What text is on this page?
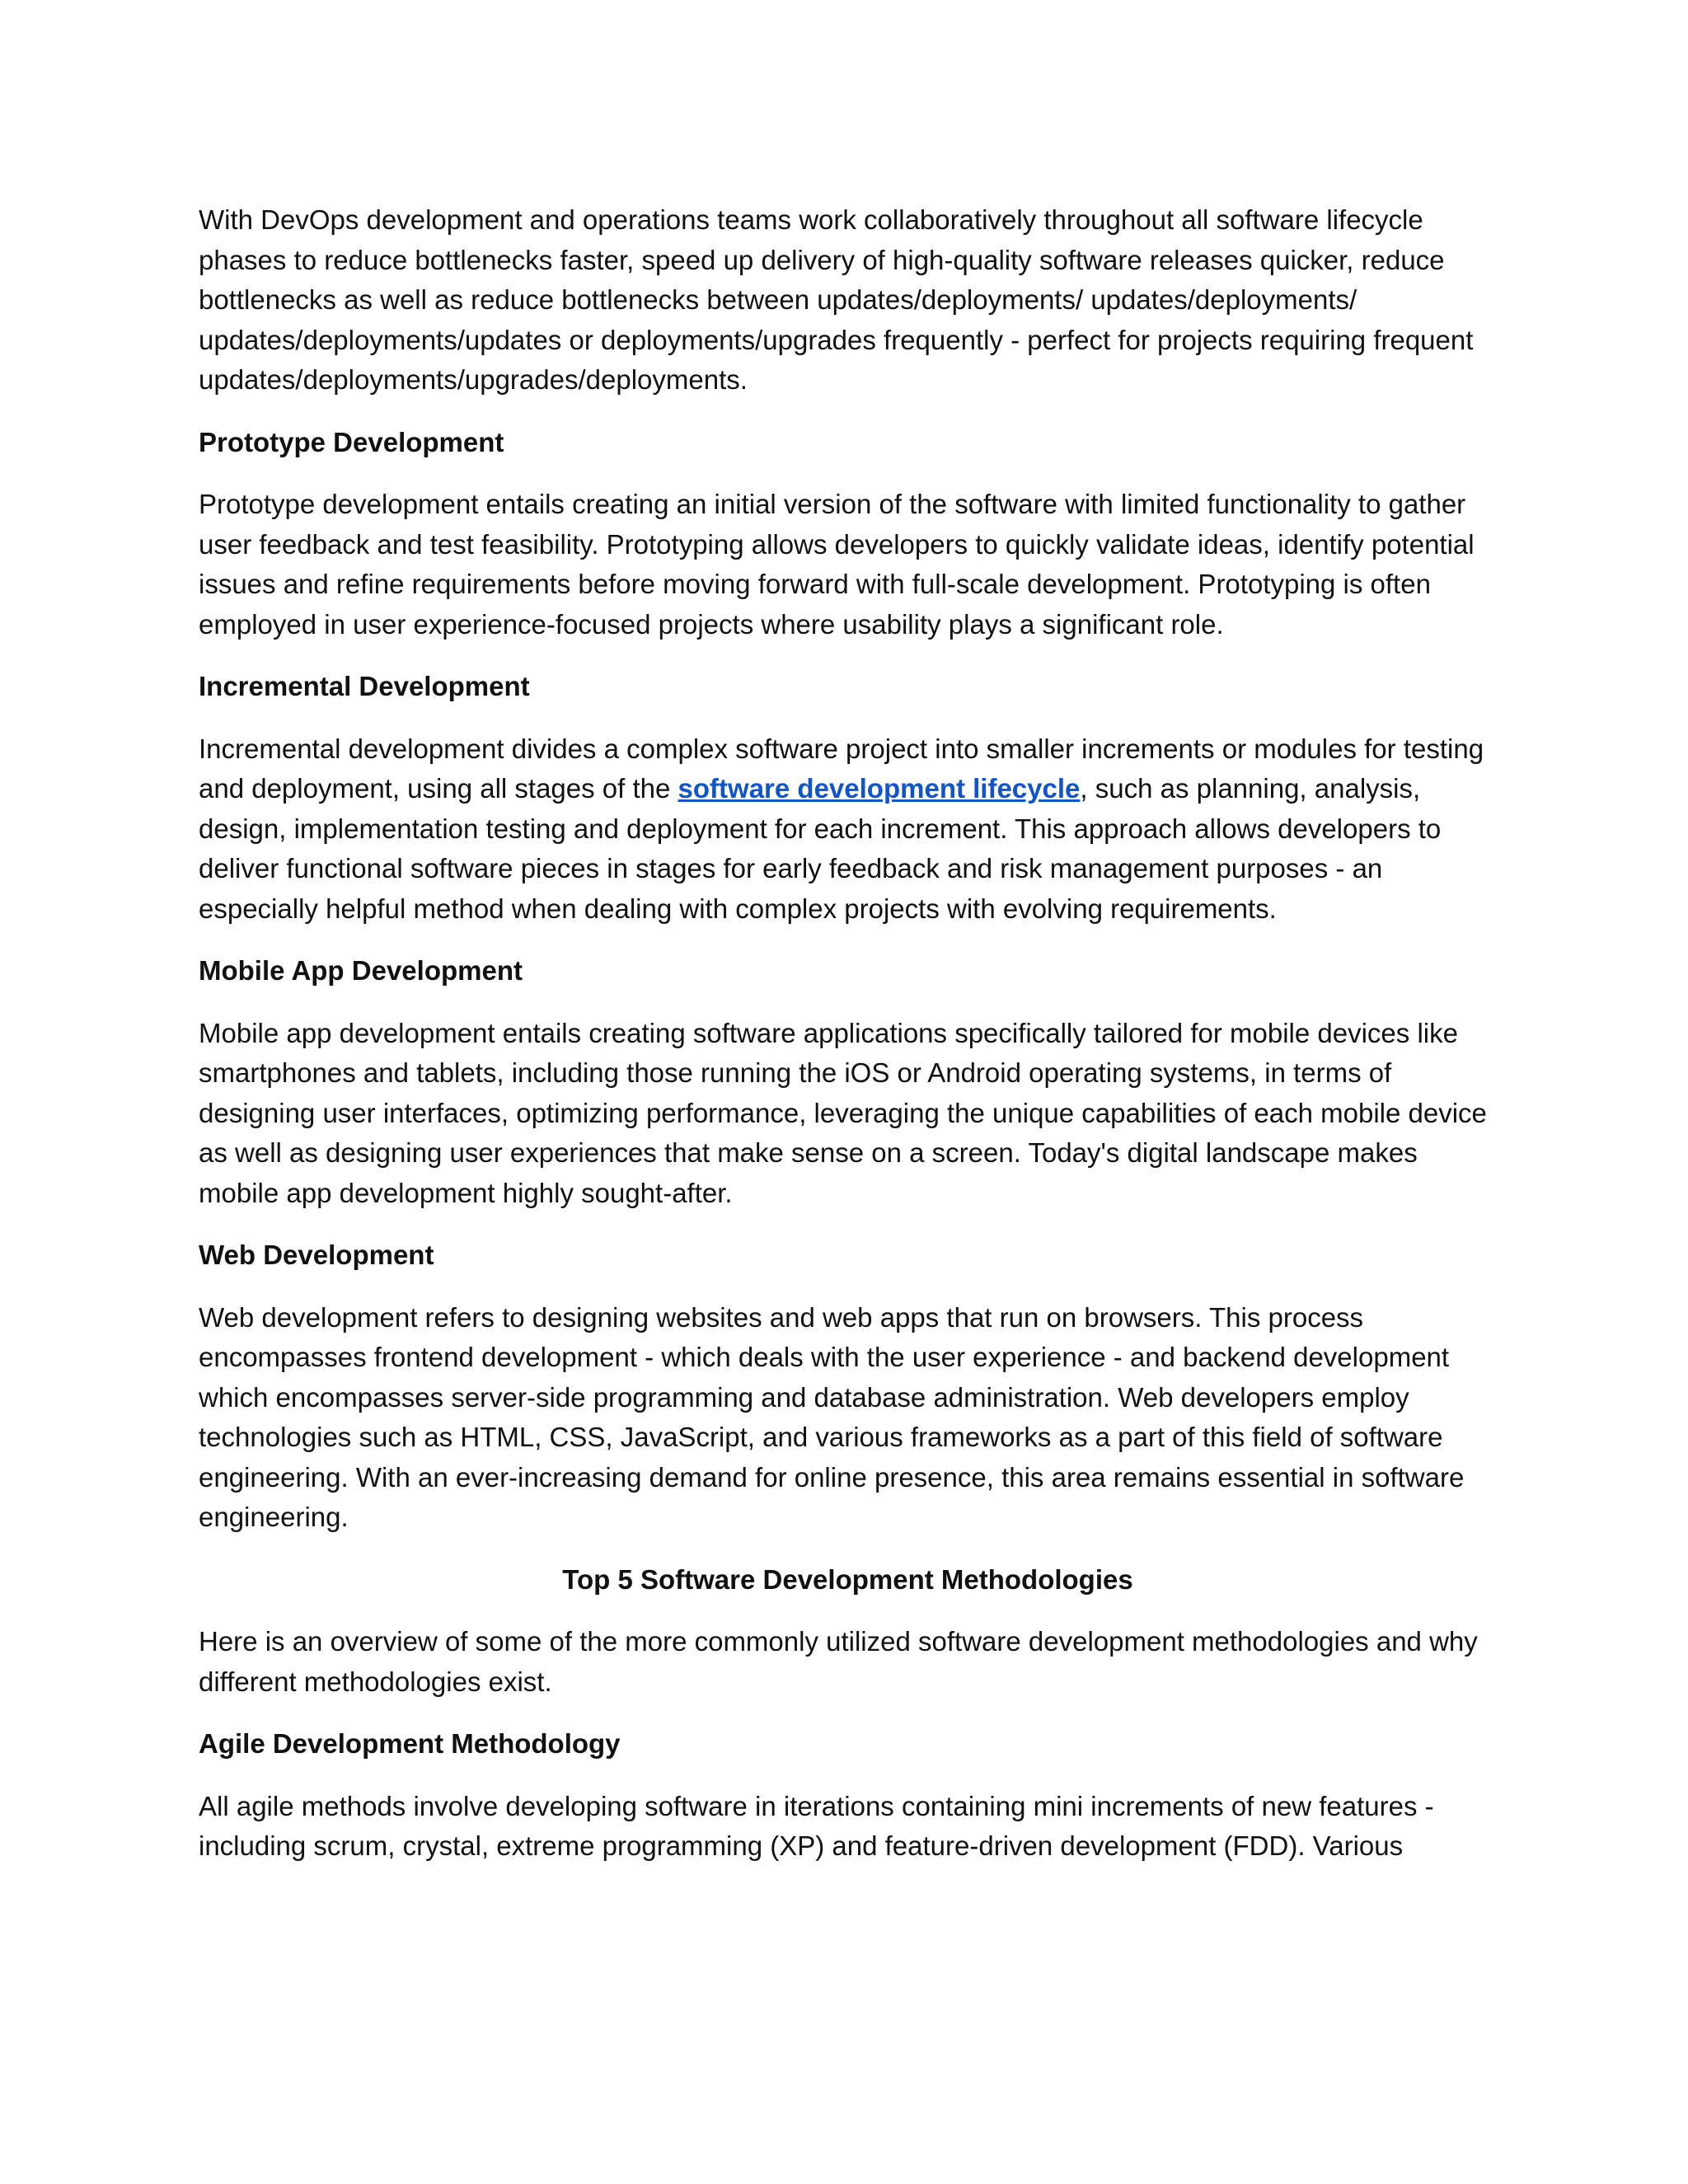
With DevOps development and operations teams work collaboratively throughout all software lifecycle phases to reduce bottlenecks faster, speed up delivery of high-quality software releases quicker, reduce bottlenecks as well as reduce bottlenecks between updates/deployments/ updates/deployments/ updates/deployments/updates or deployments/upgrades frequently - perfect for projects requiring frequent updates/deployments/upgrades/deployments.

Prototype Development

Prototype development entails creating an initial version of the software with limited functionality to gather user feedback and test feasibility. Prototyping allows developers to quickly validate ideas, identify potential issues and refine requirements before moving forward with full-scale development. Prototyping is often employed in user experience-focused projects where usability plays a significant role.

Incremental Development

Incremental development divides a complex software project into smaller increments or modules for testing and deployment, using all stages of the software development lifecycle, such as planning, analysis, design, implementation testing and deployment for each increment. This approach allows developers to deliver functional software pieces in stages for early feedback and risk management purposes - an especially helpful method when dealing with complex projects with evolving requirements.

Mobile App Development

Mobile app development entails creating software applications specifically tailored for mobile devices like smartphones and tablets, including those running the iOS or Android operating systems, in terms of designing user interfaces, optimizing performance, leveraging the unique capabilities of each mobile device as well as designing user experiences that make sense on a screen. Today's digital landscape makes mobile app development highly sought-after.

Web Development

Web development refers to designing websites and web apps that run on browsers. This process encompasses frontend development - which deals with the user experience - and backend development which encompasses server-side programming and database administration. Web developers employ technologies such as HTML, CSS, JavaScript, and various frameworks as a part of this field of software engineering. With an ever-increasing demand for online presence, this area remains essential in software engineering.

Top 5 Software Development Methodologies

Here is an overview of some of the more commonly utilized software development methodologies and why different methodologies exist.

Agile Development Methodology

All agile methods involve developing software in iterations containing mini increments of new features - including scrum, crystal, extreme programming (XP) and feature-driven development (FDD). Various
